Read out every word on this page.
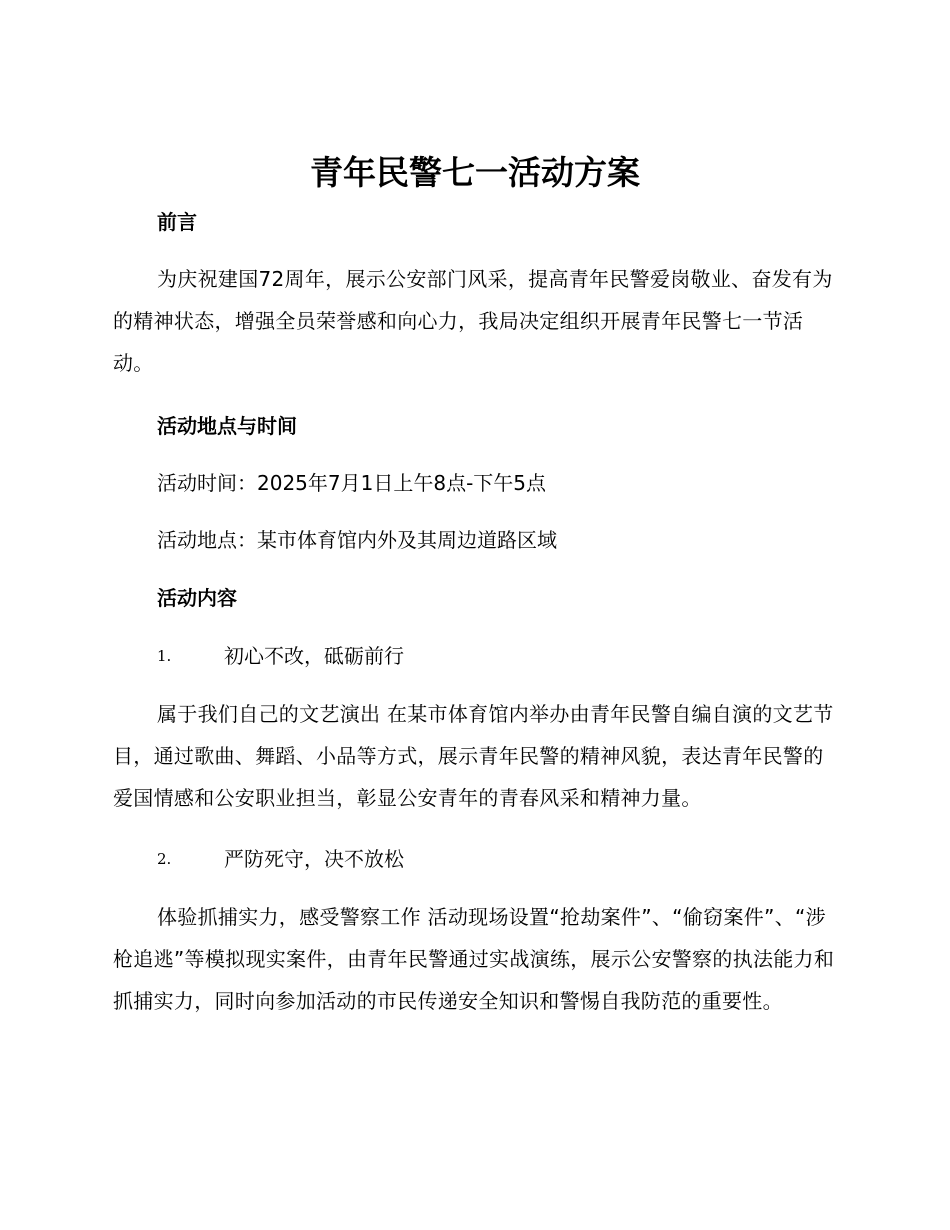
青年民警七一活动方案
前言

为庆祝建国72周年，展示公安部门风采，提高青年民警爱岗敬业、奋发有为的精神状态，增强全员荣誉感和向心力，我局决定组织开展青年民警七一节活动。

活动地点与时间
活动时间：2025年7月1日上午8点-下午5点
活动地点：某市体育馆内外及其周边道路区域
活动内容
1.	初心不改，砥砺前行

属于我们自己的文艺演出 在某市体育馆内举办由青年民警自编自演的文艺节目，通过歌曲、舞蹈、小品等方式，展示青年民警的精神风貌，表达青年民警的爱国情感和公安职业担当，彰显公安青年的青春风采和精神力量。

2.	严防死守，决不放松

体验抓捕实力，感受警察工作 活动现场设置“抢劫案件”、“偷窃案件”、“涉枪追逃”等模拟现实案件，由青年民警通过实战演练，展示公安警察的执法能力和抓捕实力，同时向参加活动的市民传递安全知识和警惕自我防范的重要性。
